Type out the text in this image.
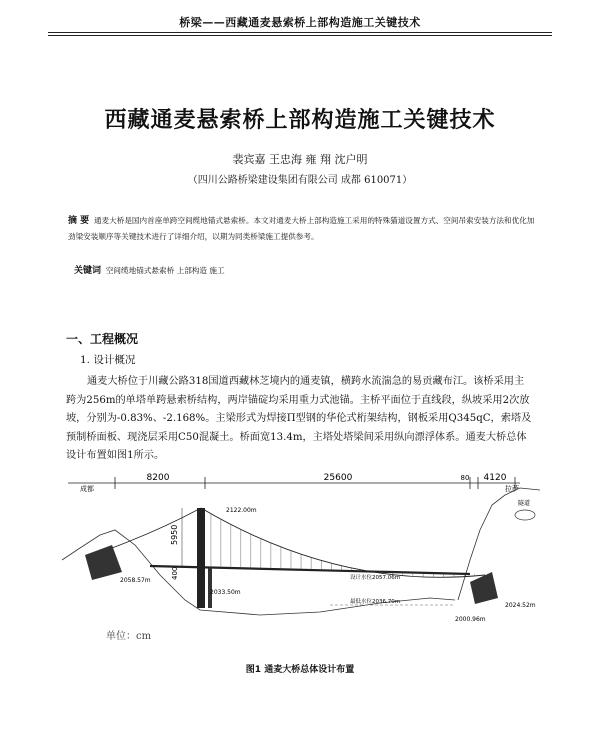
桥梁——西藏通麦悬索桥上部构造施工关键技术
西藏通麦悬索桥上部构造施工关键技术
裴宾嘉 王忠海 雍 翔 沈户明
（四川公路桥梁建设集团有限公司 成都 610071）
摘 要 通麦大桥是国内首座单跨空间缆地锚式悬索桥。本文对通麦大桥上部构造施工采用的特殊猫道设置方式、空间吊索安装方法和优化加劲梁安装顺序等关键技术进行了详细介绍，以期为同类桥梁施工提供参考。
关键词 空间缆地锚式悬索桥 上部构造 施工
一、工程概况
1. 设计概况
通麦大桥位于川藏公路318国道西藏林芝境内的通麦镇，横跨水流湍急的易贡藏布江。该桥采用主跨为256m的单塔单跨悬索桥结构，两岸锚碇均采用重力式池锚。主桥平面位于直线段，纵坡采用2次放坡，分别为-0.83%、-2.168%。主梁形式为焊接Π型钢的华伦式桁架结构，钢板采用Q345qC，索塔及预制桥面板、现浇层采用C50混凝土。桥面宽13.4m，主塔处塔梁间采用纵向漂浮体系。通麦大桥总体设计布置如图1所示。
8200	25600	80 4120
成都	拉萨
隧道
2122.00m
5950
400
2058.57m
2033.50m
设计水位2057.06m
最低水位2036.70m	2024.52m
2000.96m
单位：cm
图1 通麦大桥总体设计布置
